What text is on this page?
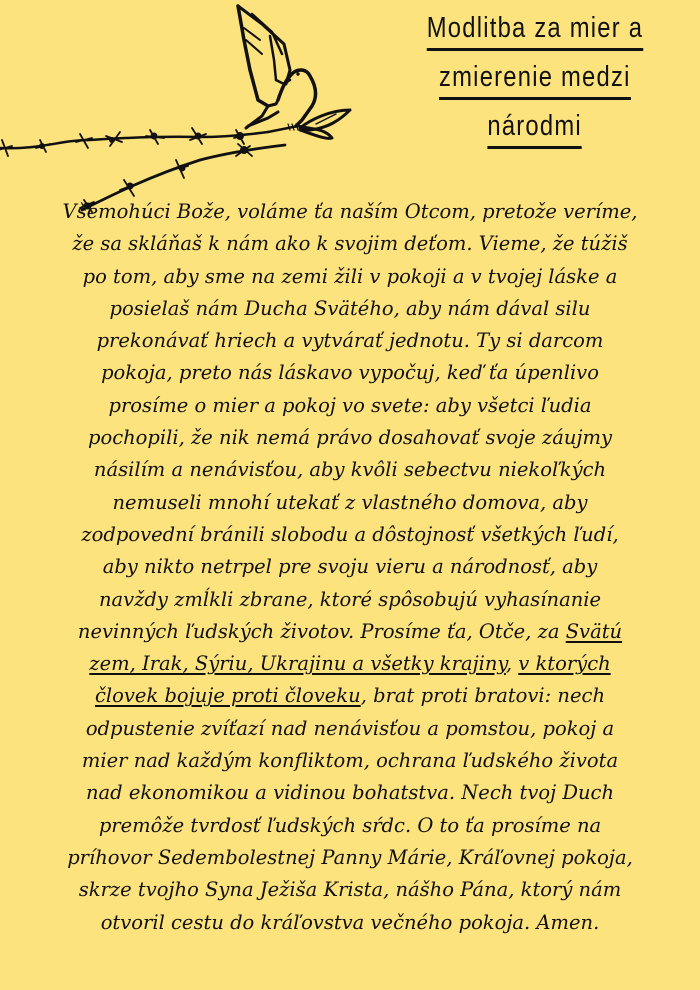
Modlitba za mier a
zmierenie medzi
národmi
Všemohúci Bože, voláme ťa naším Otcom, pretože veríme,
že sa skláňaš k nám ako k svojim deťom. Vieme, že túžiš
po tom, aby sme na zemi žili v pokoji a v tvojej láske a
posielaš nám Ducha Svätého, aby nám dával silu
prekonávať hriech a vytvárať jednotu. Ty si darcom
pokoja, preto nás láskavo vypočuj, keď ťa úpenlivo
prosíme o mier a pokoj vo svete: aby všetci ľudia
pochopili, že nik nemá právo dosahovať svoje záujmy
násilím a nenávisťou, aby kvôli sebectvu niekoľkých
nemuseli mnohí utekať z vlastného domova, aby
zodpovední bránili slobodu a dôstojnosť všetkých ľudí,
aby nikto netrpel pre svoju vieru a národnosť, aby
navždy zmĺkli zbrane, ktoré spôsobujú vyhasínanie
nevinných ľudských životov. Prosíme ťa, Otče, za Svätú
zem, Irak, Sýriu, Ukrajinu a všetky krajiny, v ktorých
človek bojuje proti človeku, brat proti bratovi: nech
odpustenie zvíťazí nad nenávisťou a pomstou, pokoj a
mier nad každým konfliktom, ochrana ľudského života
nad ekonomikou a vidinou bohatstva. Nech tvoj Duch
premôže tvrdosť ľudských sŕdc. O to ťa prosíme na
príhovor Sedembolestnej Panny Márie, Kráľovnej pokoja,
skrze tvojho Syna Ježiša Krista, nášho Pána, ktorý nám
otvoril cestu do kráľovstva večného pokoja. Amen.
